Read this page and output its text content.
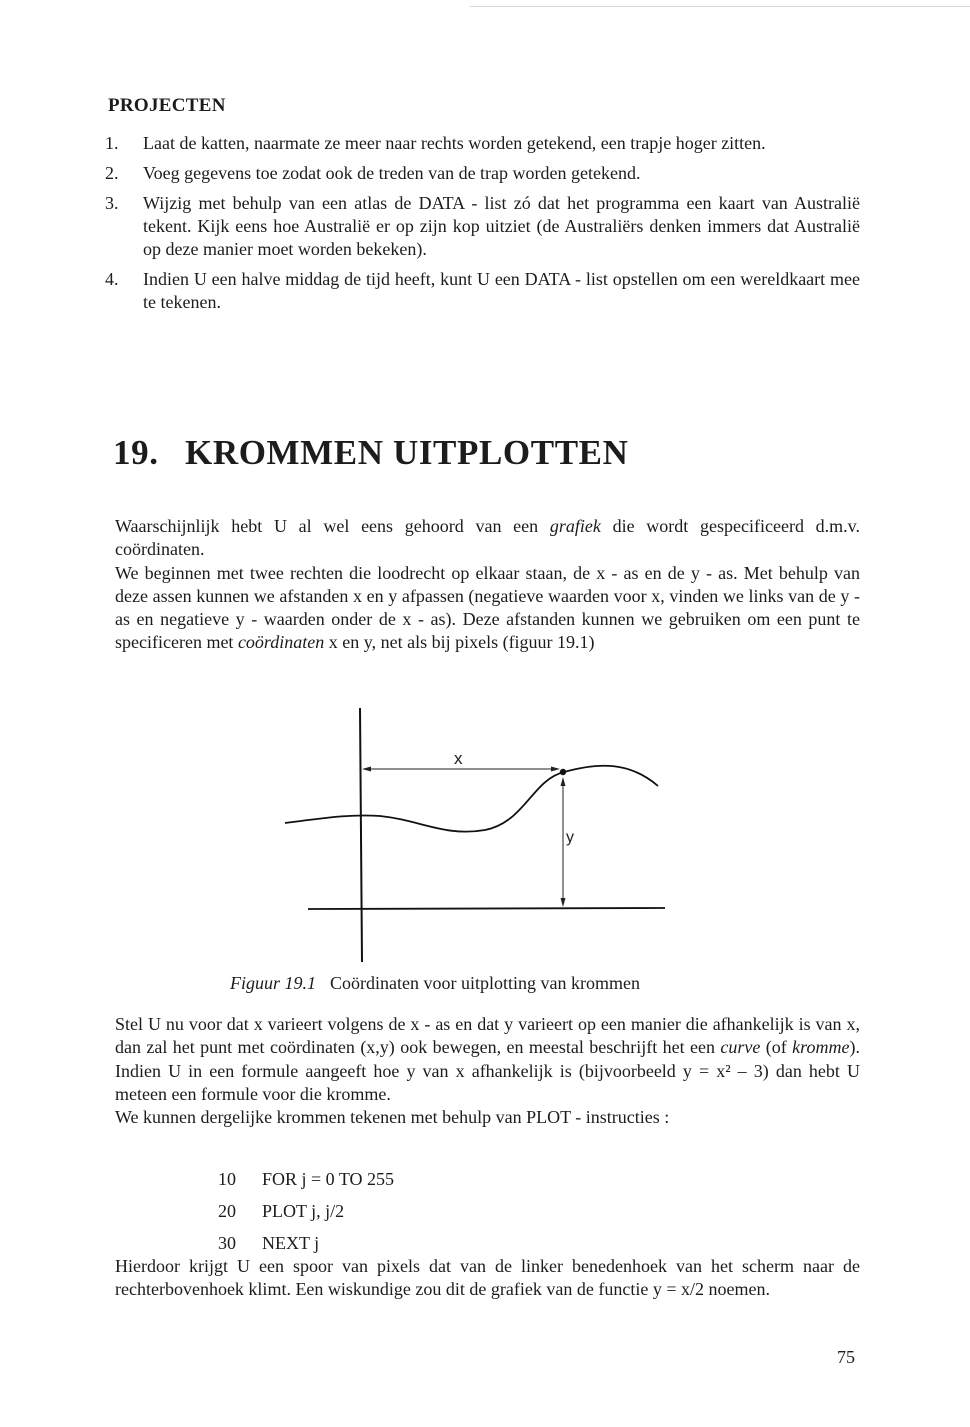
PROJECTEN
1. Laat de katten, naarmate ze meer naar rechts worden getekend, een trapje hoger zitten.
2. Voeg gegevens toe zodat ook de treden van de trap worden getekend.
3. Wijzig met behulp van een atlas de DATA - list zó dat het programma een kaart van Australië tekent. Kijk eens hoe Australië er op zijn kop uitziet (de Australiërs denken immers dat Australië op deze manier moet worden bekeken).
4. Indien U een halve middag de tijd heeft, kunt U een DATA - list opstellen om een wereldkaart mee te tekenen.
19. KROMMEN UITPLOTTEN

Waarschijnlijk hebt U al wel eens gehoord van een grafiek die wordt gespecificeerd d.m.v. coördinaten.

We beginnen met twee rechten die loodrecht op elkaar staan, de x - as en de y - as. Met behulp van deze assen kunnen we afstanden x en y afpassen (negatieve waarden voor x, vinden we links van de y - as en negatieve y - waarden onder de x - as). Deze afstanden kunnen we gebruiken om een punt te specificeren met coördinaten x en y, net als bij pixels (figuur 19.1)

x
y

Figuur 19.1 Coördinaten voor uitplotting van krommen

Stel U nu voor dat x varieert volgens de x - as en dat y varieert op een manier die afhankelijk is van x, dan zal het punt met coördinaten (x,y) ook bewegen, en meestal beschrijft het een curve (of kromme). Indien U in een formule aangeeft hoe y van x afhankelijk is (bijvoorbeeld y = x² – 3) dan hebt U meteen een formule voor die kromme.

We kunnen dergelijke krommen tekenen met behulp van PLOT - instructies :

10 FOR j = 0 TO 255
20 PLOT j, j/2
30 NEXT j

Hierdoor krijgt U een spoor van pixels dat van de linker benedenhoek van het scherm naar de rechterbovenhoek klimt. Een wiskundige zou dit de grafiek van de functie y = x/2 noemen.

75
